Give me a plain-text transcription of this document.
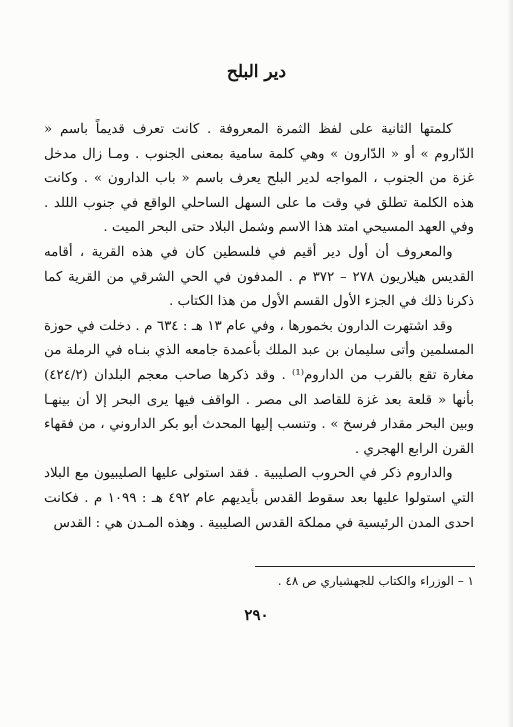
دير البلح

كلمتها الثانية على لفظ الثمرة المعروفة . كانت تعرف قديماً باسم « الدّاروم » أو « الدّارون » وهي كلمة سامية بمعنى الجنوب . ومـا زال مدخل غزة من الجنوب ، المواجه لدير البلح يعرف باسم « باب الدارون » . وكانت هذه الكلمة تطلق في وقت ما على السهل الساحلي الواقع في جنوب الللد . وفي العهد المسيحي امتد هذا الاسم وشمل البلاد حتى البحر الميت .

والمعروف أن أول دير أقيم في فلسطين كان في هذه القرية ، أقامه القديس هيلاريون ٢٧٨ – ٣٧٢ م . المدفون في الحي الشرقي من القرية كما ذكرنا ذلك في الجزء الأول القسم الأول من هذا الكتاب .

وقد اشتهرت الدارون بخمورها ، وفي عام ١٣ هـ : ٦٣٤ م . دخلت في حوزة المسلمين وأتى سليمان بن عبد الملك بأعمدة جامعه الذي بنـاه في الرملة من مغارة تقع بالقرب من الداروم⁽¹⁾ . وقد ذكرها صاحب معجم البلدان (٤٢٤/٢) بأنها « قلعة بعد غزة للقاصد الى مصر . الواقف فيها يرى البحر إلا أن بينهـا وبين البحر مقدار فرسخ » . وتنسب إليها المحدث أبو بكر الداروني ، من فقهاء القرن الرابع الهجري .

والداروم ذكر في الحروب الصليبية . فقد استولى عليها الصليبيون مع البلاد التي استولوا عليها بعد سقوط القدس بأيديهم عام ٤٩٢ هـ : ١٠٩٩ م . فكانت احدى المدن الرئيسية في مملكة القدس الصليبية . وهذه المـدن هي : القدس

١ – الوزراء والكتاب للجهشياري ص ٤٨ .
٢٩٠
